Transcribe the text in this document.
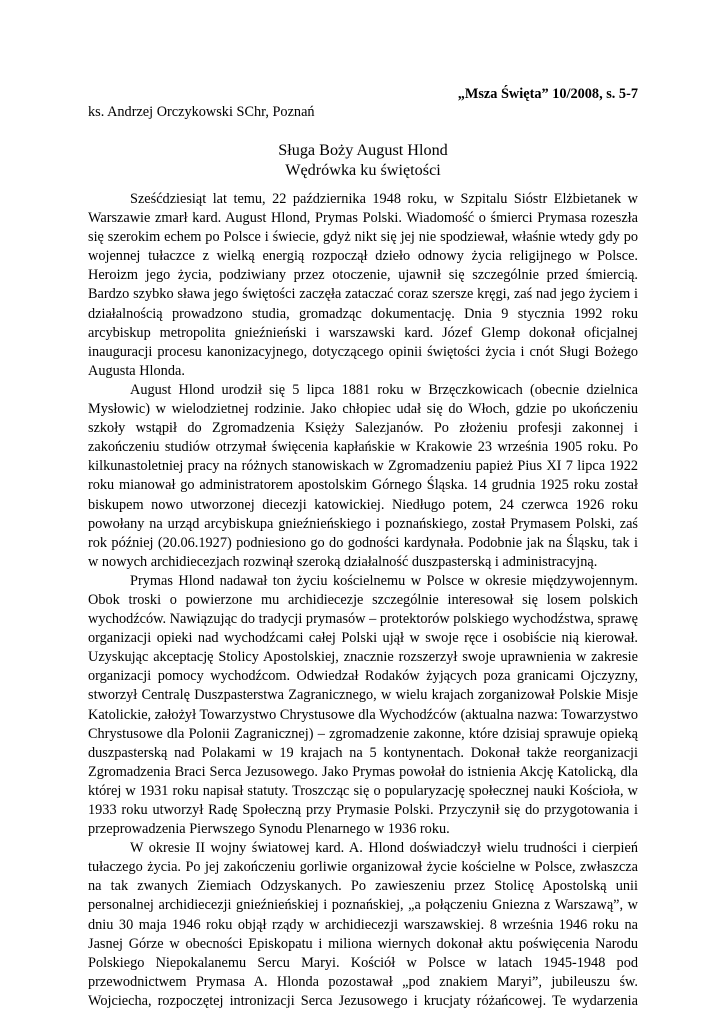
„Msza Święta” 10/2008, s. 5-7
ks. Andrzej Orczykowski SChr, Poznań
Sługa Boży August Hlond
Wędrówka ku świętości

Sześćdziesiąt lat temu, 22 października 1948 roku, w Szpitalu Sióstr Elżbietanek w Warszawie zmarł kard. August Hlond, Prymas Polski. Wiadomość o śmierci Prymasa rozeszła się szerokim echem po Polsce i świecie, gdyż nikt się jej nie spodziewał, właśnie wtedy gdy po wojennej tułaczce z wielką energią rozpoczął dzieło odnowy życia religijnego w Polsce. Heroizm jego życia, podziwiany przez otoczenie, ujawnił się szczególnie przed śmiercią. Bardzo szybko sława jego świętości zaczęła zataczać coraz szersze kręgi, zaś nad jego życiem i działalnością prowadzono studia, gromadząc dokumentację. Dnia 9 stycznia 1992 roku arcybiskup metropolita gnieźnieński i warszawski kard. Józef Glemp dokonał oficjalnej inauguracji procesu kanonizacyjnego, dotyczącego opinii świętości życia i cnót Sługi Bożego Augusta Hlonda.

August Hlond urodził się 5 lipca 1881 roku w Brzęczkowicach (obecnie dzielnica Mysłowic) w wielodzietnej rodzinie. Jako chłopiec udał się do Włoch, gdzie po ukończeniu szkoły wstąpił do Zgromadzenia Księży Salezjanów. Po złożeniu profesji zakonnej i zakończeniu studiów otrzymał święcenia kapłańskie w Krakowie 23 września 1905 roku. Po kilkunastoletniej pracy na różnych stanowiskach w Zgromadzeniu papież Pius XI 7 lipca 1922 roku mianował go administratorem apostolskim Górnego Śląska. 14 grudnia 1925 roku został biskupem nowo utworzonej diecezji katowickiej. Niedługo potem, 24 czerwca 1926 roku powołany na urząd arcybiskupa gnieźnieńskiego i poznańskiego, został Prymasem Polski, zaś rok później (20.06.1927) podniesiono go do godności kardynała. Podobnie jak na Śląsku, tak i w nowych archidiecezjach rozwinął szeroką działalność duszpasterską i administracyjną.

Prymas Hlond nadawał ton życiu kościelnemu w Polsce w okresie międzywojennym. Obok troski o powierzone mu archidiecezje szczególnie interesował się losem polskich wychodźców. Nawiązując do tradycji prymasów – protektorów polskiego wychodźstwa, sprawę organizacji opieki nad wychodźcami całej Polski ujął w swoje ręce i osobiście nią kierował. Uzyskując akceptację Stolicy Apostolskiej, znacznie rozszerzył swoje uprawnienia w zakresie organizacji pomocy wychodźcom. Odwiedzał Rodaków żyjących poza granicami Ojczyzny, stworzył Centralę Duszpasterstwa Zagranicznego, w wielu krajach zorganizował Polskie Misje Katolickie, założył Towarzystwo Chrystusowe dla Wychodźców (aktualna nazwa: Towarzystwo Chrystusowe dla Polonii Zagranicznej) – zgromadzenie zakonne, które dzisiaj sprawuje opieką duszpasterską nad Polakami w 19 krajach na 5 kontynentach. Dokonał także reorganizacji Zgromadzenia Braci Serca Jezusowego. Jako Prymas powołał do istnienia Akcję Katolicką, dla której w 1931 roku napisał statuty. Troszcząc się o popularyzację społecznej nauki Kościoła, w 1933 roku utworzył Radę Społeczną przy Prymasie Polski. Przyczynił się do przygotowania i przeprowadzenia Pierwszego Synodu Plenarnego w 1936 roku.

W okresie II wojny światowej kard. A. Hlond doświadczył wielu trudności i cierpień tułaczego życia. Po jej zakończeniu gorliwie organizował życie kościelne w Polsce, zwłaszcza na tak zwanych Ziemiach Odzyskanych. Po zawieszeniu przez Stolicę Apostolską unii personalnej archidiecezji gnieźnieńskiej i poznańskiej, „a połączeniu Gniezna z Warszawą”, w dniu 30 maja 1946 roku objął rządy w archidiecezji warszawskiej. 8 września 1946 roku na Jasnej Górze w obecności Episkopatu i miliona wiernych dokonał aktu poświęcenia Narodu Polskiego Niepokalanemu Sercu Maryi. Kościół w Polsce w latach 1945-1948 pod przewodnictwem Prymasa A. Hlonda pozostawał „pod znakiem Maryi”, jubileuszu św. Wojciecha, rozpoczętej intronizacji Serca Jezusowego i krucjaty różańcowej. Te wydarzenia
